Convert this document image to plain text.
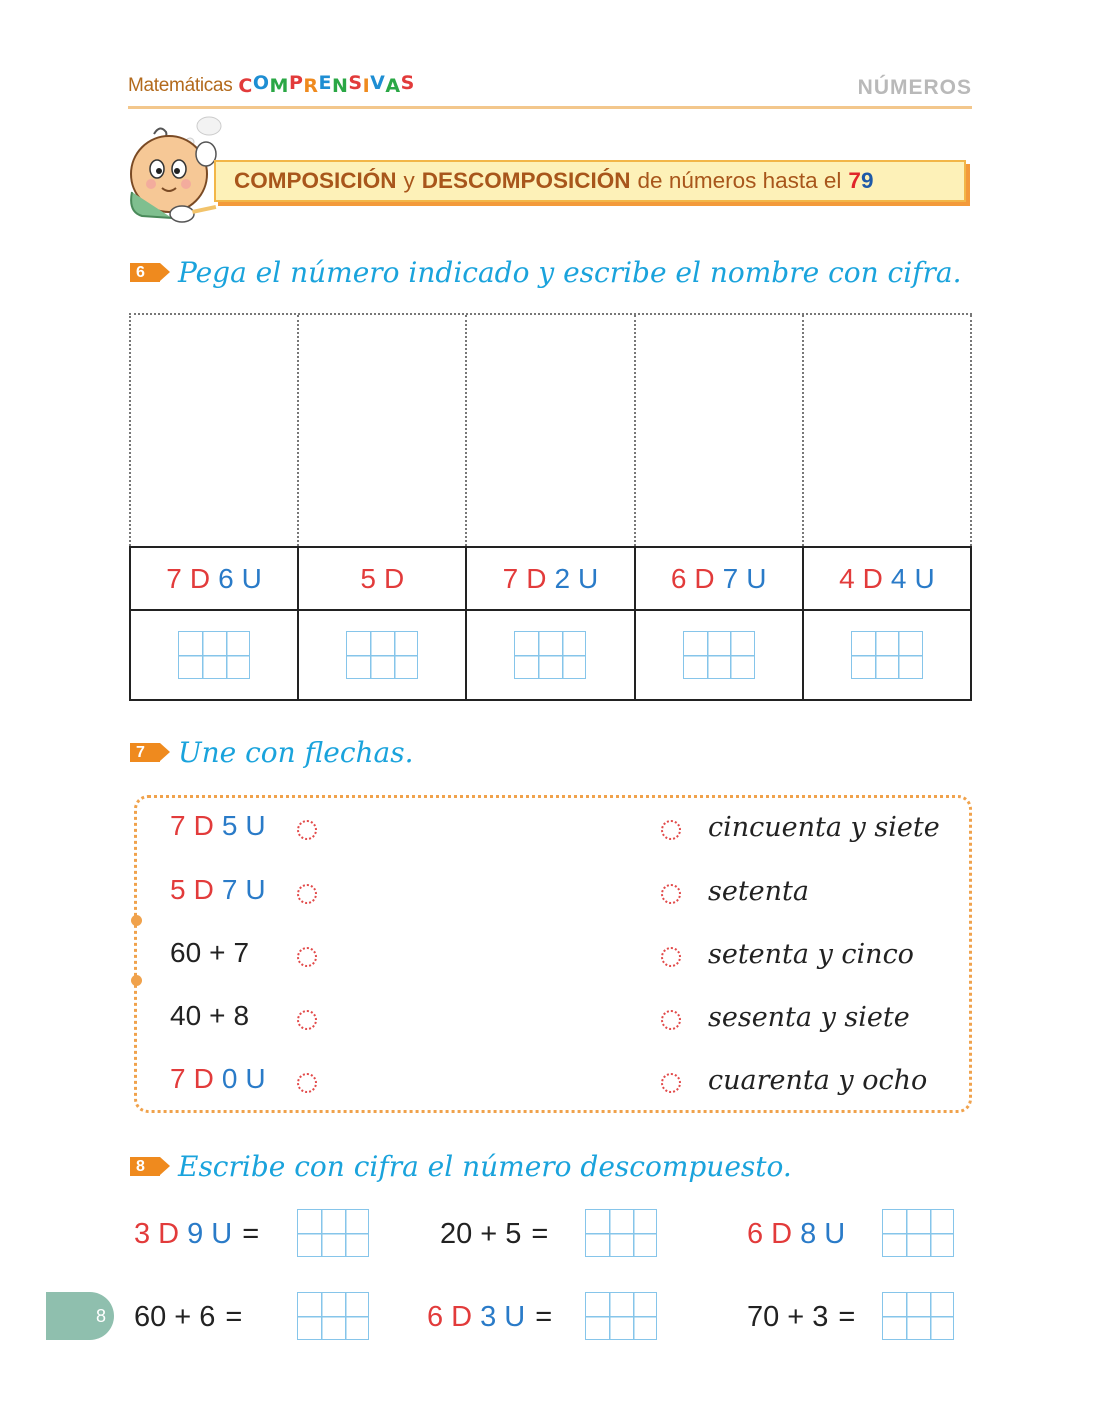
Matemáticas COMPRENSIVAS	NÚMEROS
COMPOSICIÓN y DESCOMPOSICIÓN de números hasta el 7 9
6	Pega el número indicado y escribe el nombre con cifra.
7 D 6 U	5 D	7 D 2 U	6 D 7 U	4 D 4 U

7	Une con flechas.
7 D 5 U
5 D 7 U
60 + 7
40 + 8
7 D 0 U
cincuenta y siete
setenta
setenta y cinco
sesenta y siete
cuarenta y ocho
8	Escribe con cifra el número descompuesto.
3 D 9 U =	20 + 5 =	6 D 8 U
60 + 6 =	6 D 3 U =	70 + 3 =
8
